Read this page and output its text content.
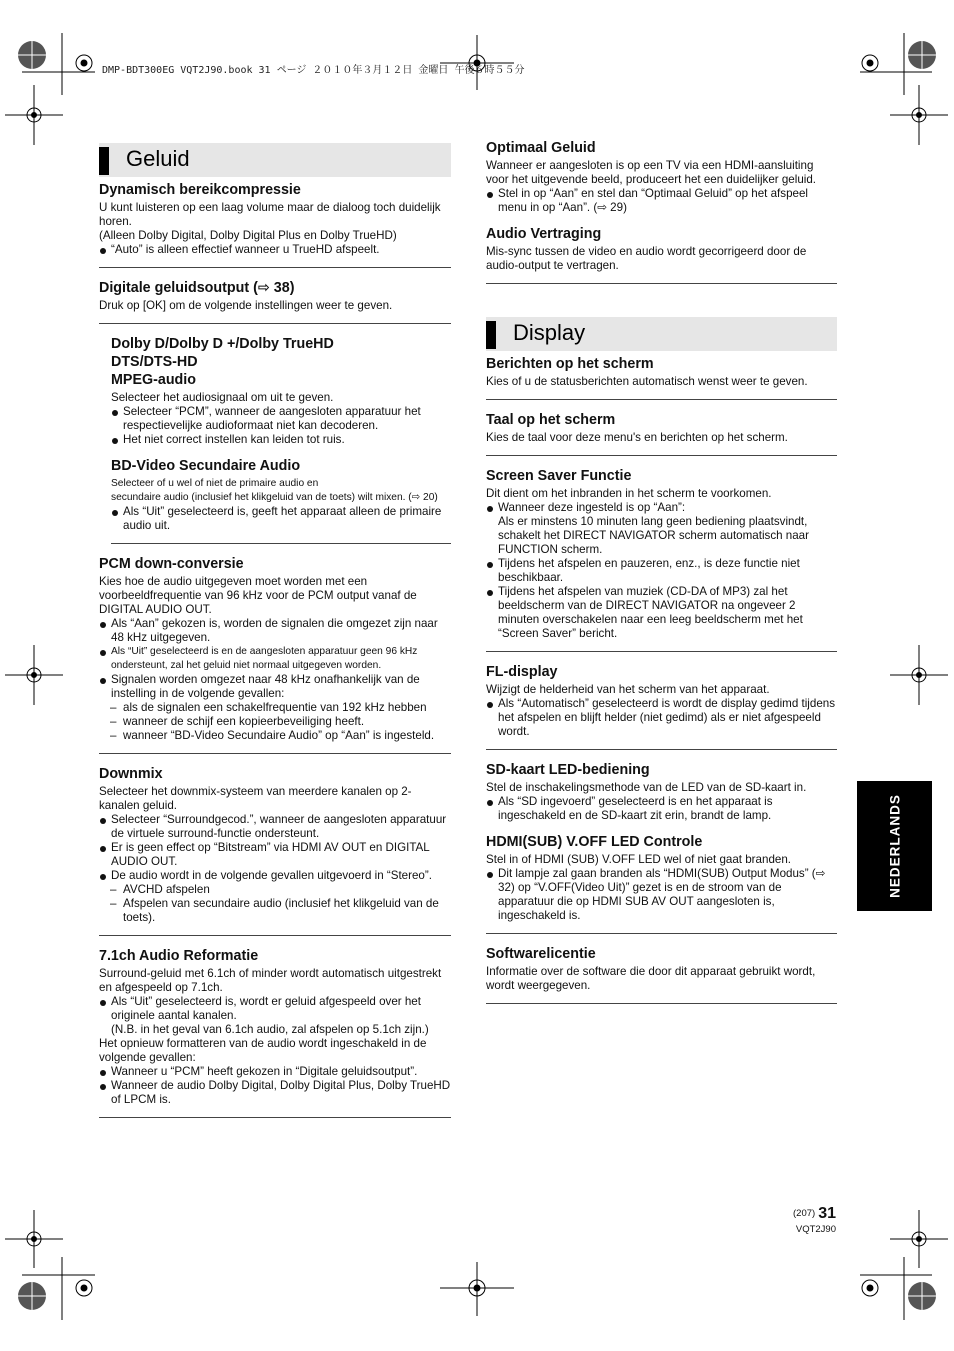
DMP-BDT300EG VQT2J90.book 31 ページ ２０１０年３月１２日 金曜日 午後６時５５分
Geluid
Dynamisch bereikcompressie
U kunt luisteren op een laag volume maar de dialoog toch duidelijk horen.
(Alleen Dolby Digital, Dolby Digital Plus en Dolby TrueHD)
“Auto” is alleen effectief wanneer u TrueHD afspeelt.
Digitale geluidsoutput (⇨ 38)
Druk op [OK] om de volgende instellingen weer te geven.
Dolby D/Dolby D +/Dolby TrueHD
DTS/DTS-HD
MPEG-audio
Selecteer het audiosignaal om uit te geven.
Selecteer “PCM”, wanneer de aangesloten apparatuur het respectievelijke audioformaat niet kan decoderen.
Het niet correct instellen kan leiden tot ruis.
BD-Video Secundaire Audio
Selecteer of u wel of niet de primaire audio en
secundaire audio (inclusief het klikgeluid van de toets) wilt mixen. (⇨ 20)
Als “Uit” geselecteerd is, geeft het apparaat alleen de primaire audio uit.
PCM down-conversie
Kies hoe de audio uitgegeven moet worden met een voorbeeldfrequentie van 96 kHz voor de PCM output vanaf de DIGITAL AUDIO OUT.
Als “Aan” gekozen is, worden de signalen die omgezet zijn naar 48 kHz uitgegeven.
Als “Uit” geselecteerd is en de aangesloten apparatuur geen 96 kHz ondersteunt, zal het geluid niet normaal uitgegeven worden.
Signalen worden omgezet naar 48 kHz onafhankelijk van de instelling in de volgende gevallen:
– als de signalen een schakelfrequentie van 192 kHz hebben
– wanneer de schijf een kopieerbeveiliging heeft.
– wanneer “BD-Video Secundaire Audio” op “Aan” is ingesteld.
Downmix
Selecteer het downmix-systeem van meerdere kanalen op 2-kanalen geluid.
Selecteer “Surroundgecod.”, wanneer de aangesloten apparatuur de virtuele surround-functie ondersteunt.
Er is geen effect op “Bitstream” via HDMI AV OUT en DIGITAL AUDIO OUT.
De audio wordt in de volgende gevallen uitgevoerd in “Stereo”.
– AVCHD afspelen
– Afspelen van secundaire audio (inclusief het klikgeluid van de toets).
7.1ch Audio Reformatie
Surround-geluid met 6.1ch of minder wordt automatisch uitgestrekt en afgespeeld op 7.1ch.
Als “Uit” geselecteerd is, wordt er geluid afgespeeld over het originele aantal kanalen.
(N.B. in het geval van 6.1ch audio, zal afspelen op 5.1ch zijn.)
Het opnieuw formatteren van de audio wordt ingeschakeld in de volgende gevallen:
Wanneer u “PCM” heeft gekozen in “Digitale geluidsoutput”.
Wanneer de audio Dolby Digital, Dolby Digital Plus, Dolby TrueHD of LPCM is.
Optimaal Geluid
Wanneer er aangesloten is op een TV via een HDMI-aansluiting voor het uitgevende beeld, produceert het een duidelijker geluid.
Stel in op “Aan” en stel dan “Optimaal Geluid” op het afspeel menu in op “Aan”. (⇨ 29)
Audio Vertraging
Mis-sync tussen de video en audio wordt gecorrigeerd door de audio-output te vertragen.
Display
Berichten op het scherm
Kies of u de statusberichten automatisch wenst weer te geven.
Taal op het scherm
Kies de taal voor deze menu's en berichten op het scherm.
Screen Saver Functie
Dit dient om het inbranden in het scherm te voorkomen.
Wanneer deze ingesteld is op “Aan”:
Als er minstens 10 minuten lang geen bediening plaatsvindt, schakelt het DIRECT NAVIGATOR scherm automatisch naar FUNCTION scherm.
Tijdens het afspelen en pauzeren, enz., is deze functie niet beschikbaar.
Tijdens het afspelen van muziek (CD-DA of MP3) zal het beeldscherm van de DIRECT NAVIGATOR na ongeveer 2 minuten overschakelen naar een leeg beeldscherm met het “Screen Saver” bericht.
FL-display
Wijzigt de helderheid van het scherm van het apparaat.
Als “Automatisch” geselecteerd is wordt de display gedimd tijdens het afspelen en blijft helder (niet gedimd) als er niet afgespeeld wordt.
SD-kaart LED-bediening
Stel de inschakelingsmethode van de LED van de SD-kaart in.
Als “SD ingevoerd” geselecteerd is en het apparaat is ingeschakeld en de SD-kaart zit erin, brandt de lamp.
HDMI(SUB) V.OFF LED Controle
Stel in of HDMI (SUB) V.OFF LED wel of niet gaat branden.
Dit lampje zal gaan branden als “HDMI(SUB) Output Modus” (⇨ 32) op “V.OFF(Video Uit)” gezet is en de stroom van de apparatuur die op HDMI SUB AV OUT aangesloten is, ingeschakeld is.
Softwarelicentie
Informatie over de software die door dit apparaat gebruikt wordt, wordt weergegeven.
NEDERLANDS
(207) 31
VQT2J90
